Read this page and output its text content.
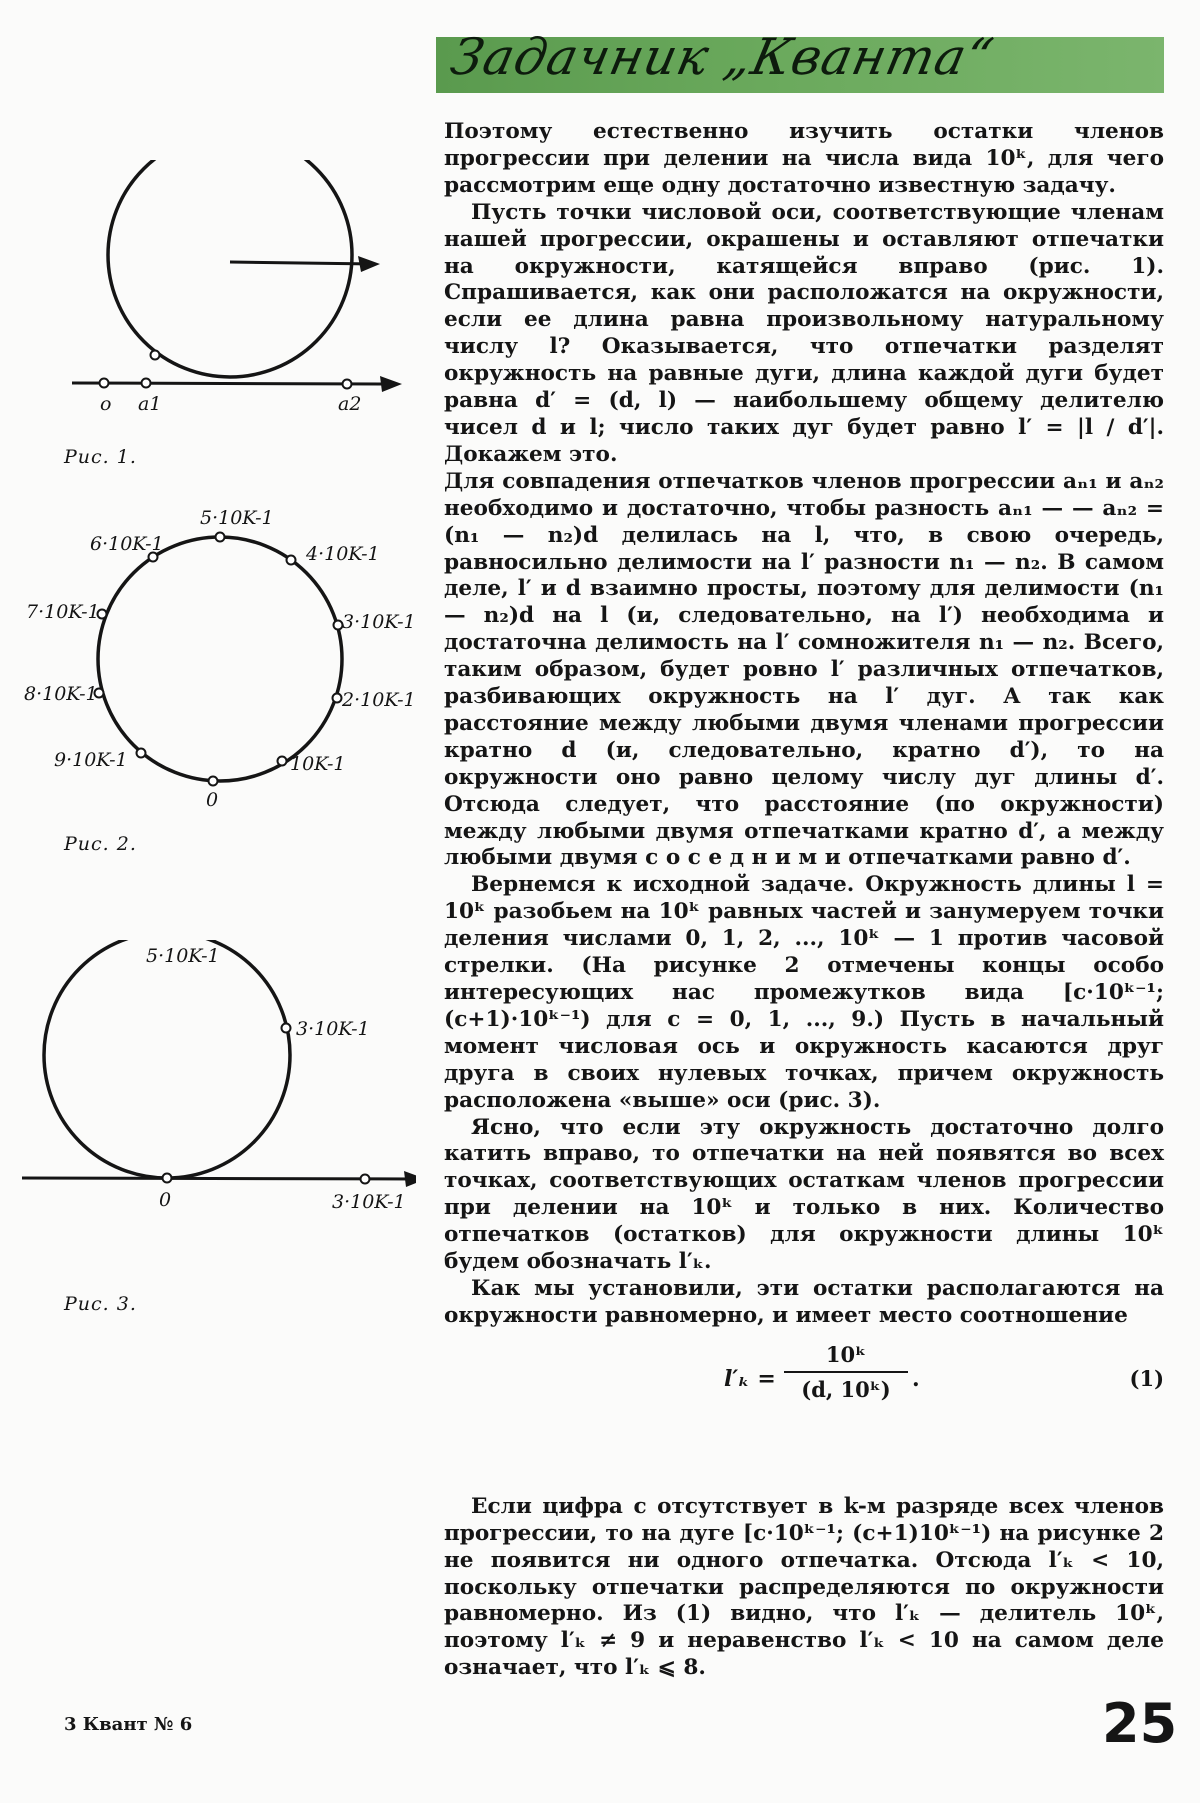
Задачник „Кванта“
o a1	a2
Рис. 1.
5·10K-1
6·10K-1	4·10K-1
7·10K-1	3·10K-1
8·10K-1	2·10K-1
9·10K-1	10K-1
0
Рис. 2.
3·10K-1
0	3·10K-1
5·10K-1
Рис. 3.

Поэтому естественно изучить остатки членов прогрессии при делении на числа вида 10ᵏ, для чего рассмотрим еще одну достаточно известную задачу.

Пусть точки числовой оси, соответствующие членам нашей прогрессии, окрашены и оставляют отпечатки на окружности, катящейся вправо (рис. 1). Спрашивается, как они расположатся на окружности, если ее длина равна произвольному натуральному числу l? Оказывается, что отпечатки разделят окружность на равные дуги, длина каждой дуги будет равна d′ = (d, l) — наибольшему общему делителю чисел d и l; число таких дуг будет равно l′ = |l / d′|. Докажем это.

Для совпадения отпечатков членов прогрессии aₙ₁ и aₙ₂ необходимо и достаточно, чтобы разность aₙ₁ — — aₙ₂ = (n₁ — n₂)d делилась на l, что, в свою очередь, равносильно делимости на l′ разности n₁ — n₂. В самом деле, l′ и d взаимно просты, поэтому для делимости (n₁ — n₂)d на l (и, следовательно, на l′) необходима и достаточна делимость на l′ сомножителя n₁ — n₂. Всего, таким образом, будет ровно l′ различных отпечатков, разбивающих окружность на l′ дуг. А так как расстояние между любыми двумя членами прогрессии кратно d (и, следовательно, кратно d′), то на окружности оно равно целому числу дуг длины d′. Отсюда следует, что расстояние (по окружности) между любыми двумя отпечатками кратно d′, а между любыми двумя с о с е д н и м и отпечатками равно d′.

Вернемся к исходной задаче. Окружность длины l = 10ᵏ разобьем на 10ᵏ равных частей и занумеруем точки деления числами 0, 1, 2, ..., 10ᵏ — 1 против часовой стрелки. (На рисунке 2 отмечены концы особо интересующих нас промежутков вида [c·10ᵏ⁻¹; (c+1)·10ᵏ⁻¹) для c = 0, 1, ..., 9.) Пусть в начальный момент числовая ось и окружность касаются друг друга в своих нулевых точках, причем окружность расположена «выше» оси (рис. 3).

Ясно, что если эту окружность достаточно долго катить вправо, то отпечатки на ней появятся во всех точках, соответствующих остаткам членов прогрессии при делении на 10ᵏ и только в них. Количество отпечатков (остатков) для окружности длины 10ᵏ будем обозначать l′ₖ.

Как мы установили, эти остатки располагаются на окружности равномерно, и имеет место соотношение

$l'_k = \frac{\text{10ᵏ}}{\text{(d, 10ᵏ)}}$ .	(1)

Если цифра c отсутствует в k-м разряде всех членов прогрессии, то на дуге [c·10ᵏ⁻¹; (c+1)10ᵏ⁻¹) на рисунке 2 не появится ни одного отпечатка. Отсюда l′ₖ < 10, поскольку отпечатки распределяются по окружности равномерно. Из (1) видно, что l′ₖ — делитель 10ᵏ, поэтому l′ₖ ≠ 9 и неравенство l′ₖ < 10 на самом деле означает, что l′ₖ ⩽ 8.

3 Квант № 6	25
